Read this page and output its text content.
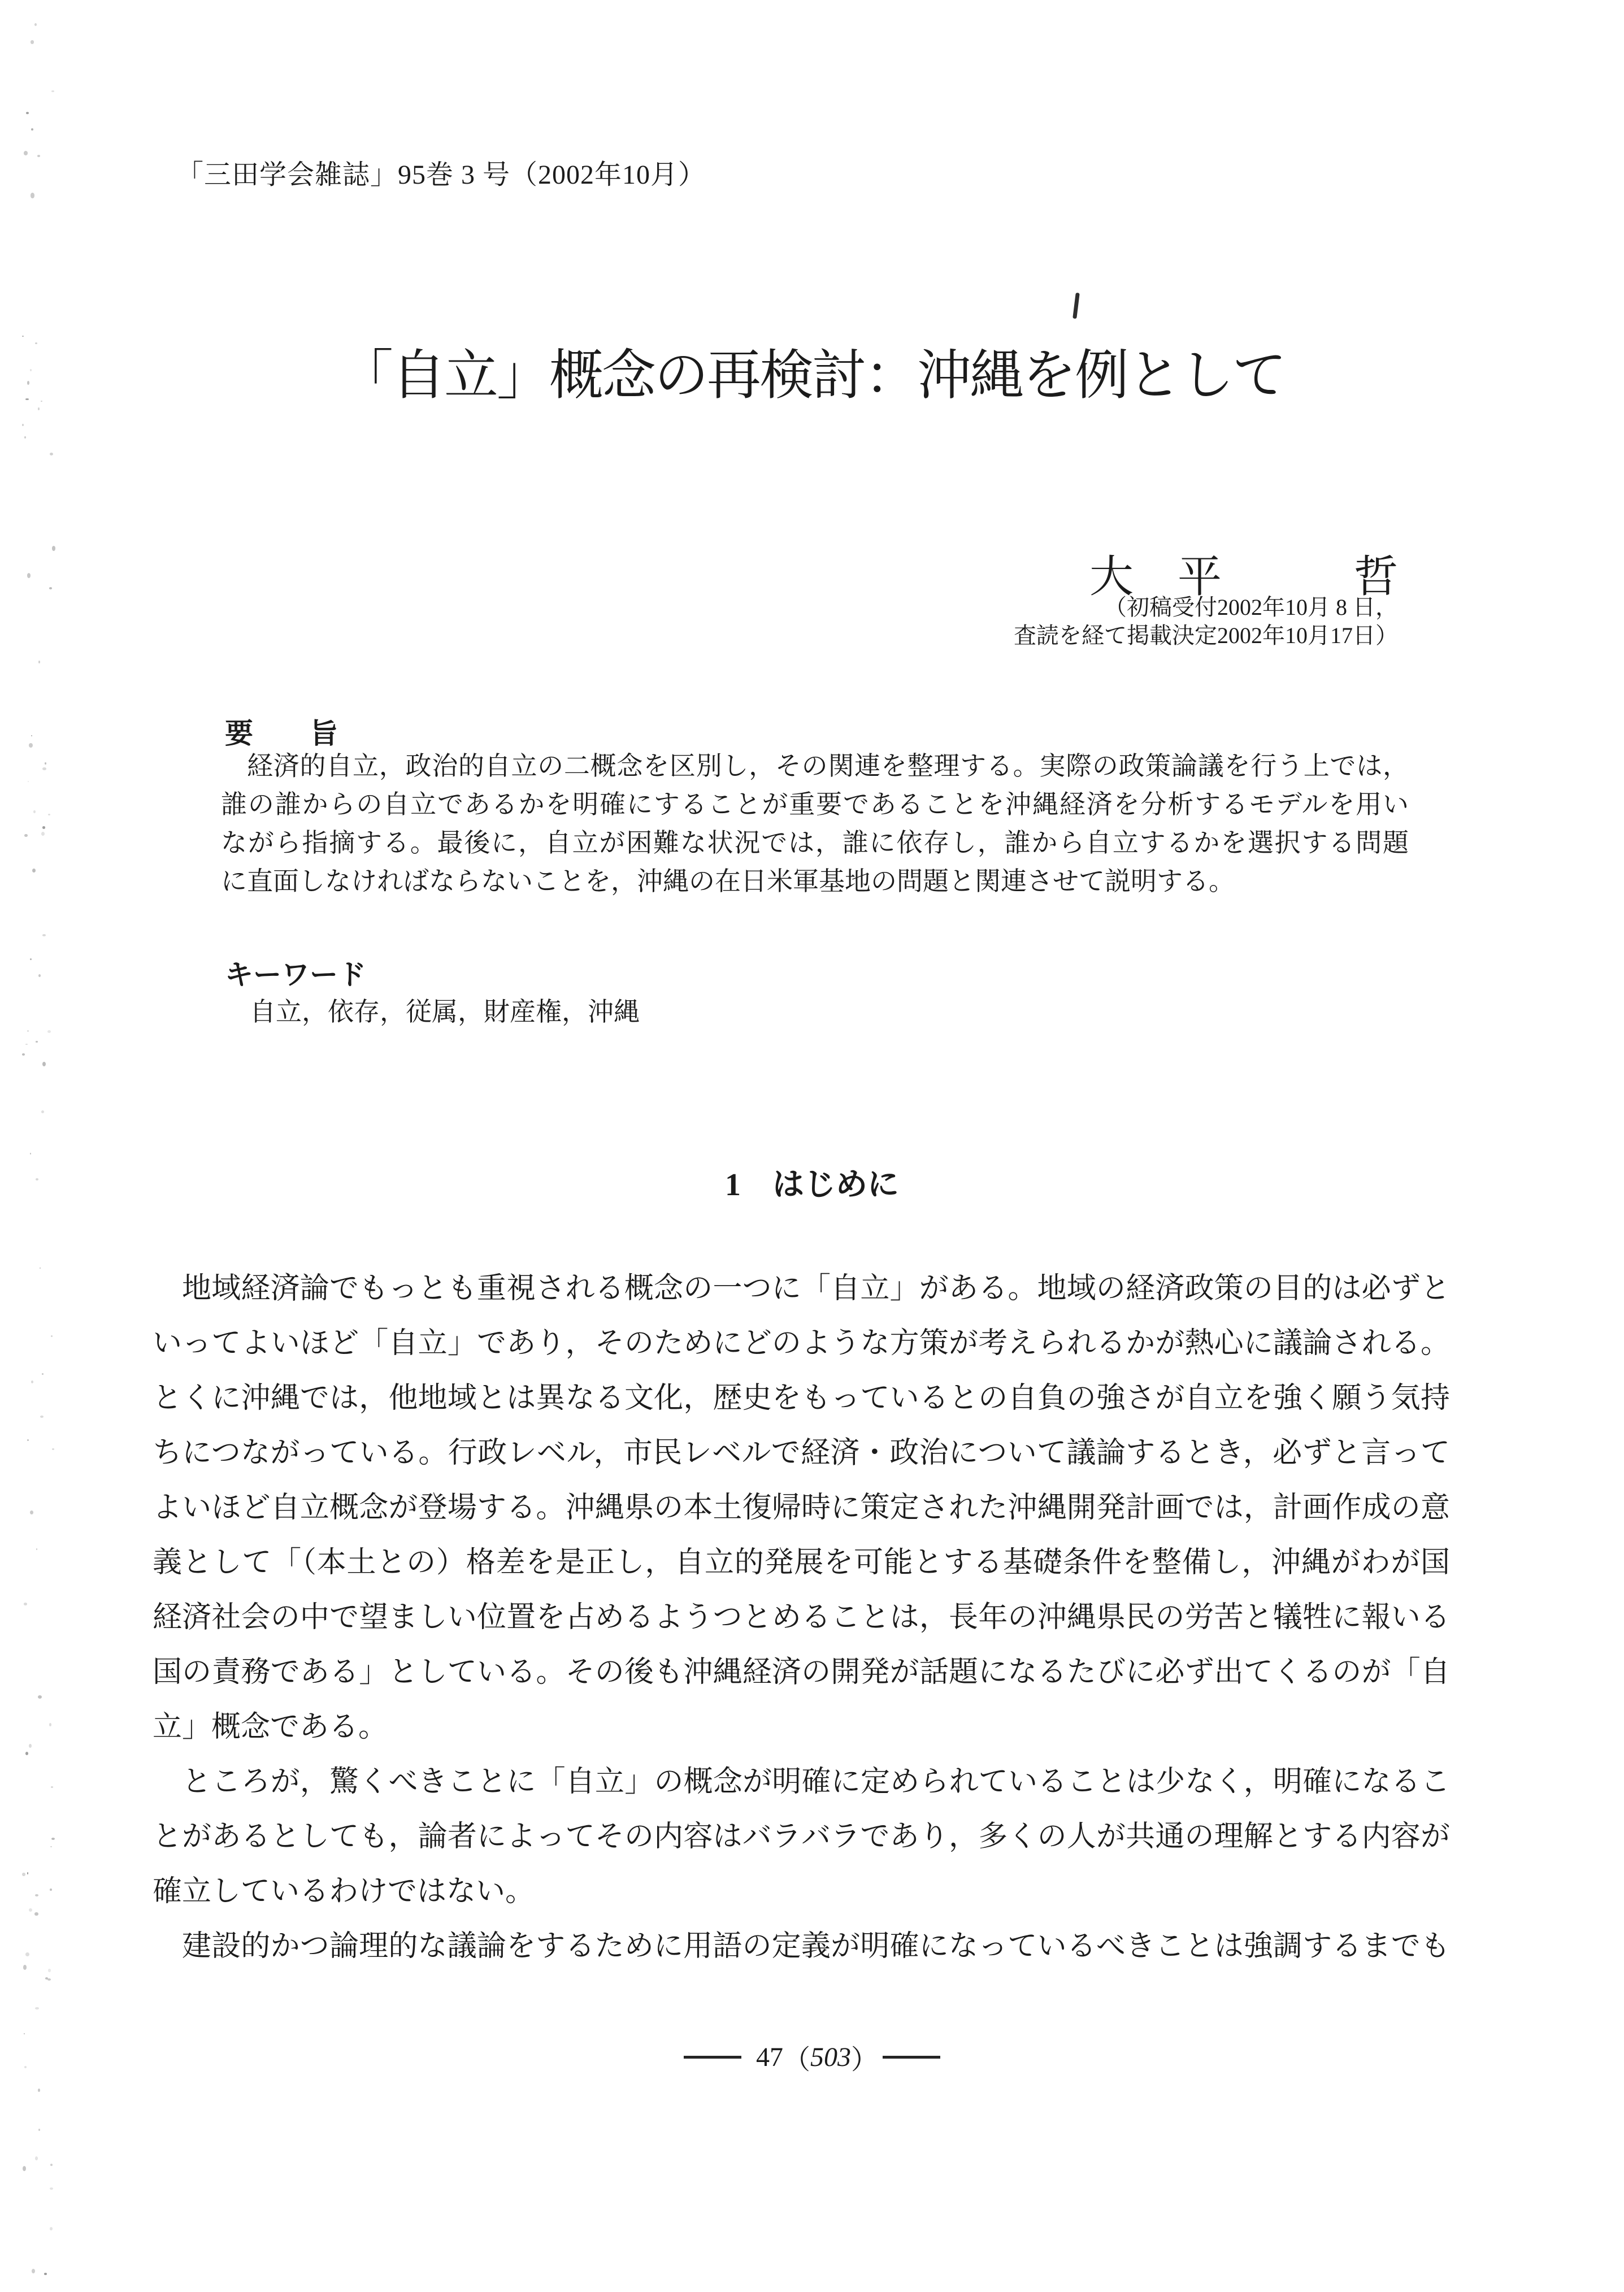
「三田学会雑誌」95巻 3 号（2002年10月）
「自立」概念の再検討：沖縄を例として
大　平　　　哲
（初稿受付2002年10月 8 日，
査読を経て掲載決定2002年10月17日）
要　　旨
経済的自立，政治的自立の二概念を区別し，その関連を整理する。実際の政策論議を行う上では，
誰の誰からの自立であるかを明確にすることが重要であることを沖縄経済を分析するモデルを用い
ながら指摘する。最後に，自立が困難な状況では，誰に依存し，誰から自立するかを選択する問題
に直面しなければならないことを，沖縄の在日米軍基地の問題と関連させて説明する。
キーワード
自立，依存，従属，財産権，沖縄
1　はじめに
地域経済論でもっとも重視される概念の一つに「自立」がある。地域の経済政策の目的は必ずと
いってよいほど「自立」であり，そのためにどのような方策が考えられるかが熱心に議論される。
とくに沖縄では，他地域とは異なる文化，歴史をもっているとの自負の強さが自立を強く願う気持
ちにつながっている。行政レベル，市民レベルで経済・政治について議論するとき，必ずと言って
よいほど自立概念が登場する。沖縄県の本土復帰時に策定された沖縄開発計画では，計画作成の意
義として「（本土との）格差を是正し，自立的発展を可能とする基礎条件を整備し，沖縄がわが国
経済社会の中で望ましい位置を占めるようつとめることは，長年の沖縄県民の労苦と犠牲に報いる
国の責務である」としている。その後も沖縄経済の開発が話題になるたびに必ず出てくるのが「自
立」概念である。
ところが，驚くべきことに「自立」の概念が明確に定められていることは少なく，明確になるこ
とがあるとしても，論者によってその内容はバラバラであり，多くの人が共通の理解とする内容が
確立しているわけではない。
建設的かつ論理的な議論をするために用語の定義が明確になっているべきことは強調するまでも
47 （ 503 ）
